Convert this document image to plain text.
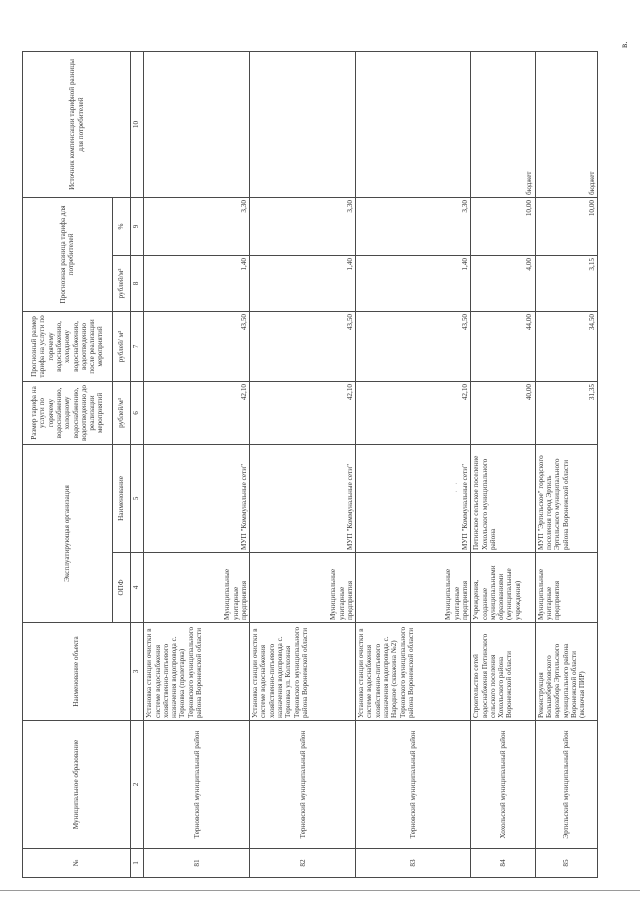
№	Муниципальное образование	Наименование объекта	Эксплуатирующая организация		Размер тарифа на услуги по горячему водоснабжению, холодному водоснабжению, водоотведению до реализации мероприятий	Прогнозный размер тарифа на услуги по горячему водоснабжению, холодному водоснабжению, водоотведению после реализации мероприятий	Прогнозная разница тарифа для потребителей		Источник компенсации тарифной разницы для потребителей
			ОПФ	Наименование	рублей/м³	рублей/ м³	рублей/м³	%	
1	2	3	4	5	6	7	8	9	10
81	Терновский муниципальный район	Установка станции очистки в системе водоснабжения хозяйственно-питьевого назначения водопровода с. Терновка (пролетарка) Терновского муниципального района Воронежской области	Муниципальные унитарные предприятия	МУП "Коммунальные сети"	42,10	43,50	1,40	3,30	
82	Терновский муниципальный район	Установка станции очистки в системе водоснабжения хозяйственно-питьевого назначения водопровода с. Терновка ул. Колхозная Терновского муниципального района Воронежской области	Муниципальные унитарные предприятия	МУП "Коммунальные сети"	42,10	43,50	1,40	3,30	
83	Терновский муниципальный район	Установка станции очистки в системе водоснабжения хозяйственно-питьевого назначения водопровода с. Народное (скважина №2) Терновского муниципального района Воронежской области	Муниципальные унитарные предприятия	МУП "Коммунальные сети"	42,10	43,50	1,40	3,30	
84	Хохольский муниципальный район	Строительство сетей водоснабжения Петинского сельского поселения Хохольского района Воронежской области	Учреждения, созданные муниципальными образованиями (муниципальные учреждения)	Петинское сельское поселение Хохольского муниципального района	40,00	44,00	4,00	10,00	бюджет
85	Эртильский муниципальный район	Реконструкция Большеберёзовского водозабора Эртильского муниципального района Воронежской области (включая ПИР)	Муниципальные унитарные предприятия	МУП "Эртильское" городского поселения город Эртиль Эртильского муниципального района Воронежской области	31,35	34,50	3,15	10,00	бюджет
в.
·
·
